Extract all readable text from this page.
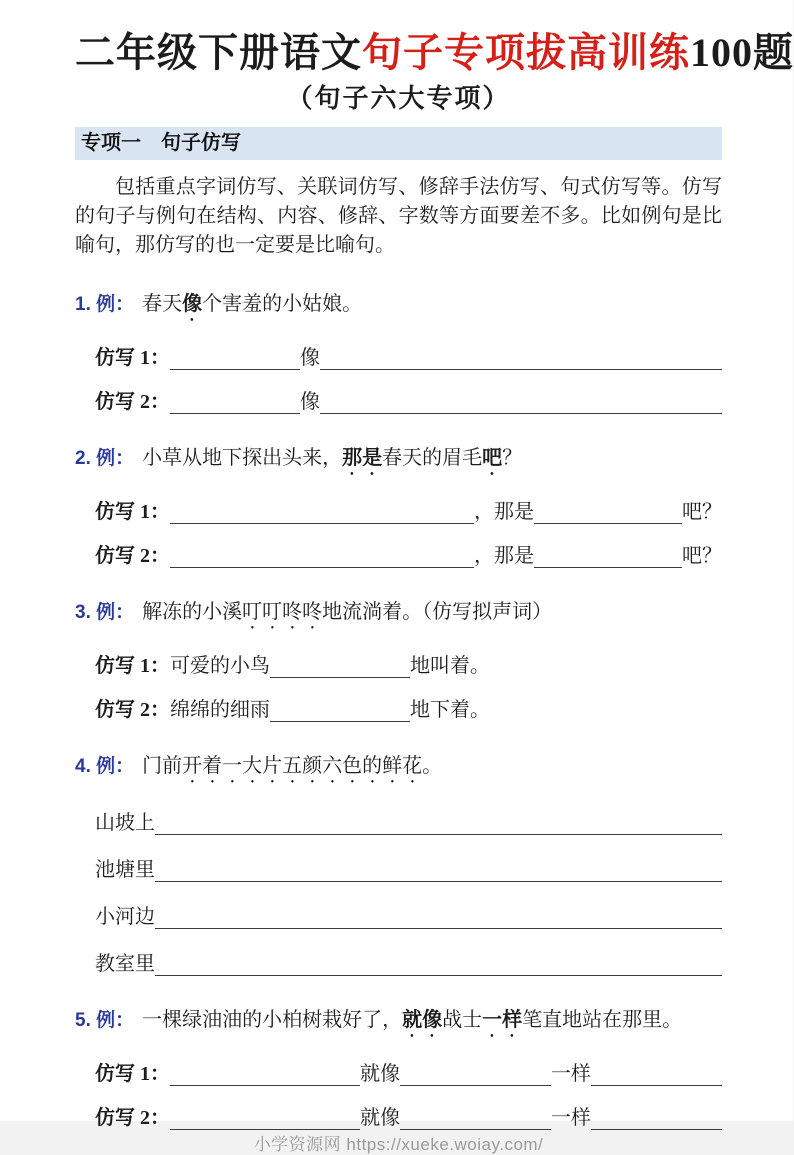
二年级下册语文句子专项拔高训练100题
（句子六大专项）
专项一　句子仿写

包括重点字词仿写、关联词仿写、修辞手法仿写、句式仿写等。仿写的句子与例句在结构、内容、修辞、字数等方面要差不多。比如例句是比喻句，那仿写的也一定要是比喻句。

1. 例： 春天像个害羞的小姑娘。
仿写 1：	像
仿写 2：	像
2. 例： 小草从地下探出头来，那是春天的眉毛吧？
仿写 1：	，那是	吧？
仿写 2：	，那是	吧？
3. 例： 解冻的小溪叮叮咚咚地流淌着。（仿写拟声词）
仿写 1： 可爱的小鸟	地叫着。
仿写 2： 绵绵的细雨	地下着。
4. 例： 门前开着一大片五颜六色的鲜花。
山坡上
池塘里
小河边
教室里
5. 例： 一棵绿油油的小柏树栽好了，就像战士一样笔直地站在那里。
仿写 1：	就像	一样
仿写 2：	就像	一样
小学资源网 https://xueke.woiay.com/
